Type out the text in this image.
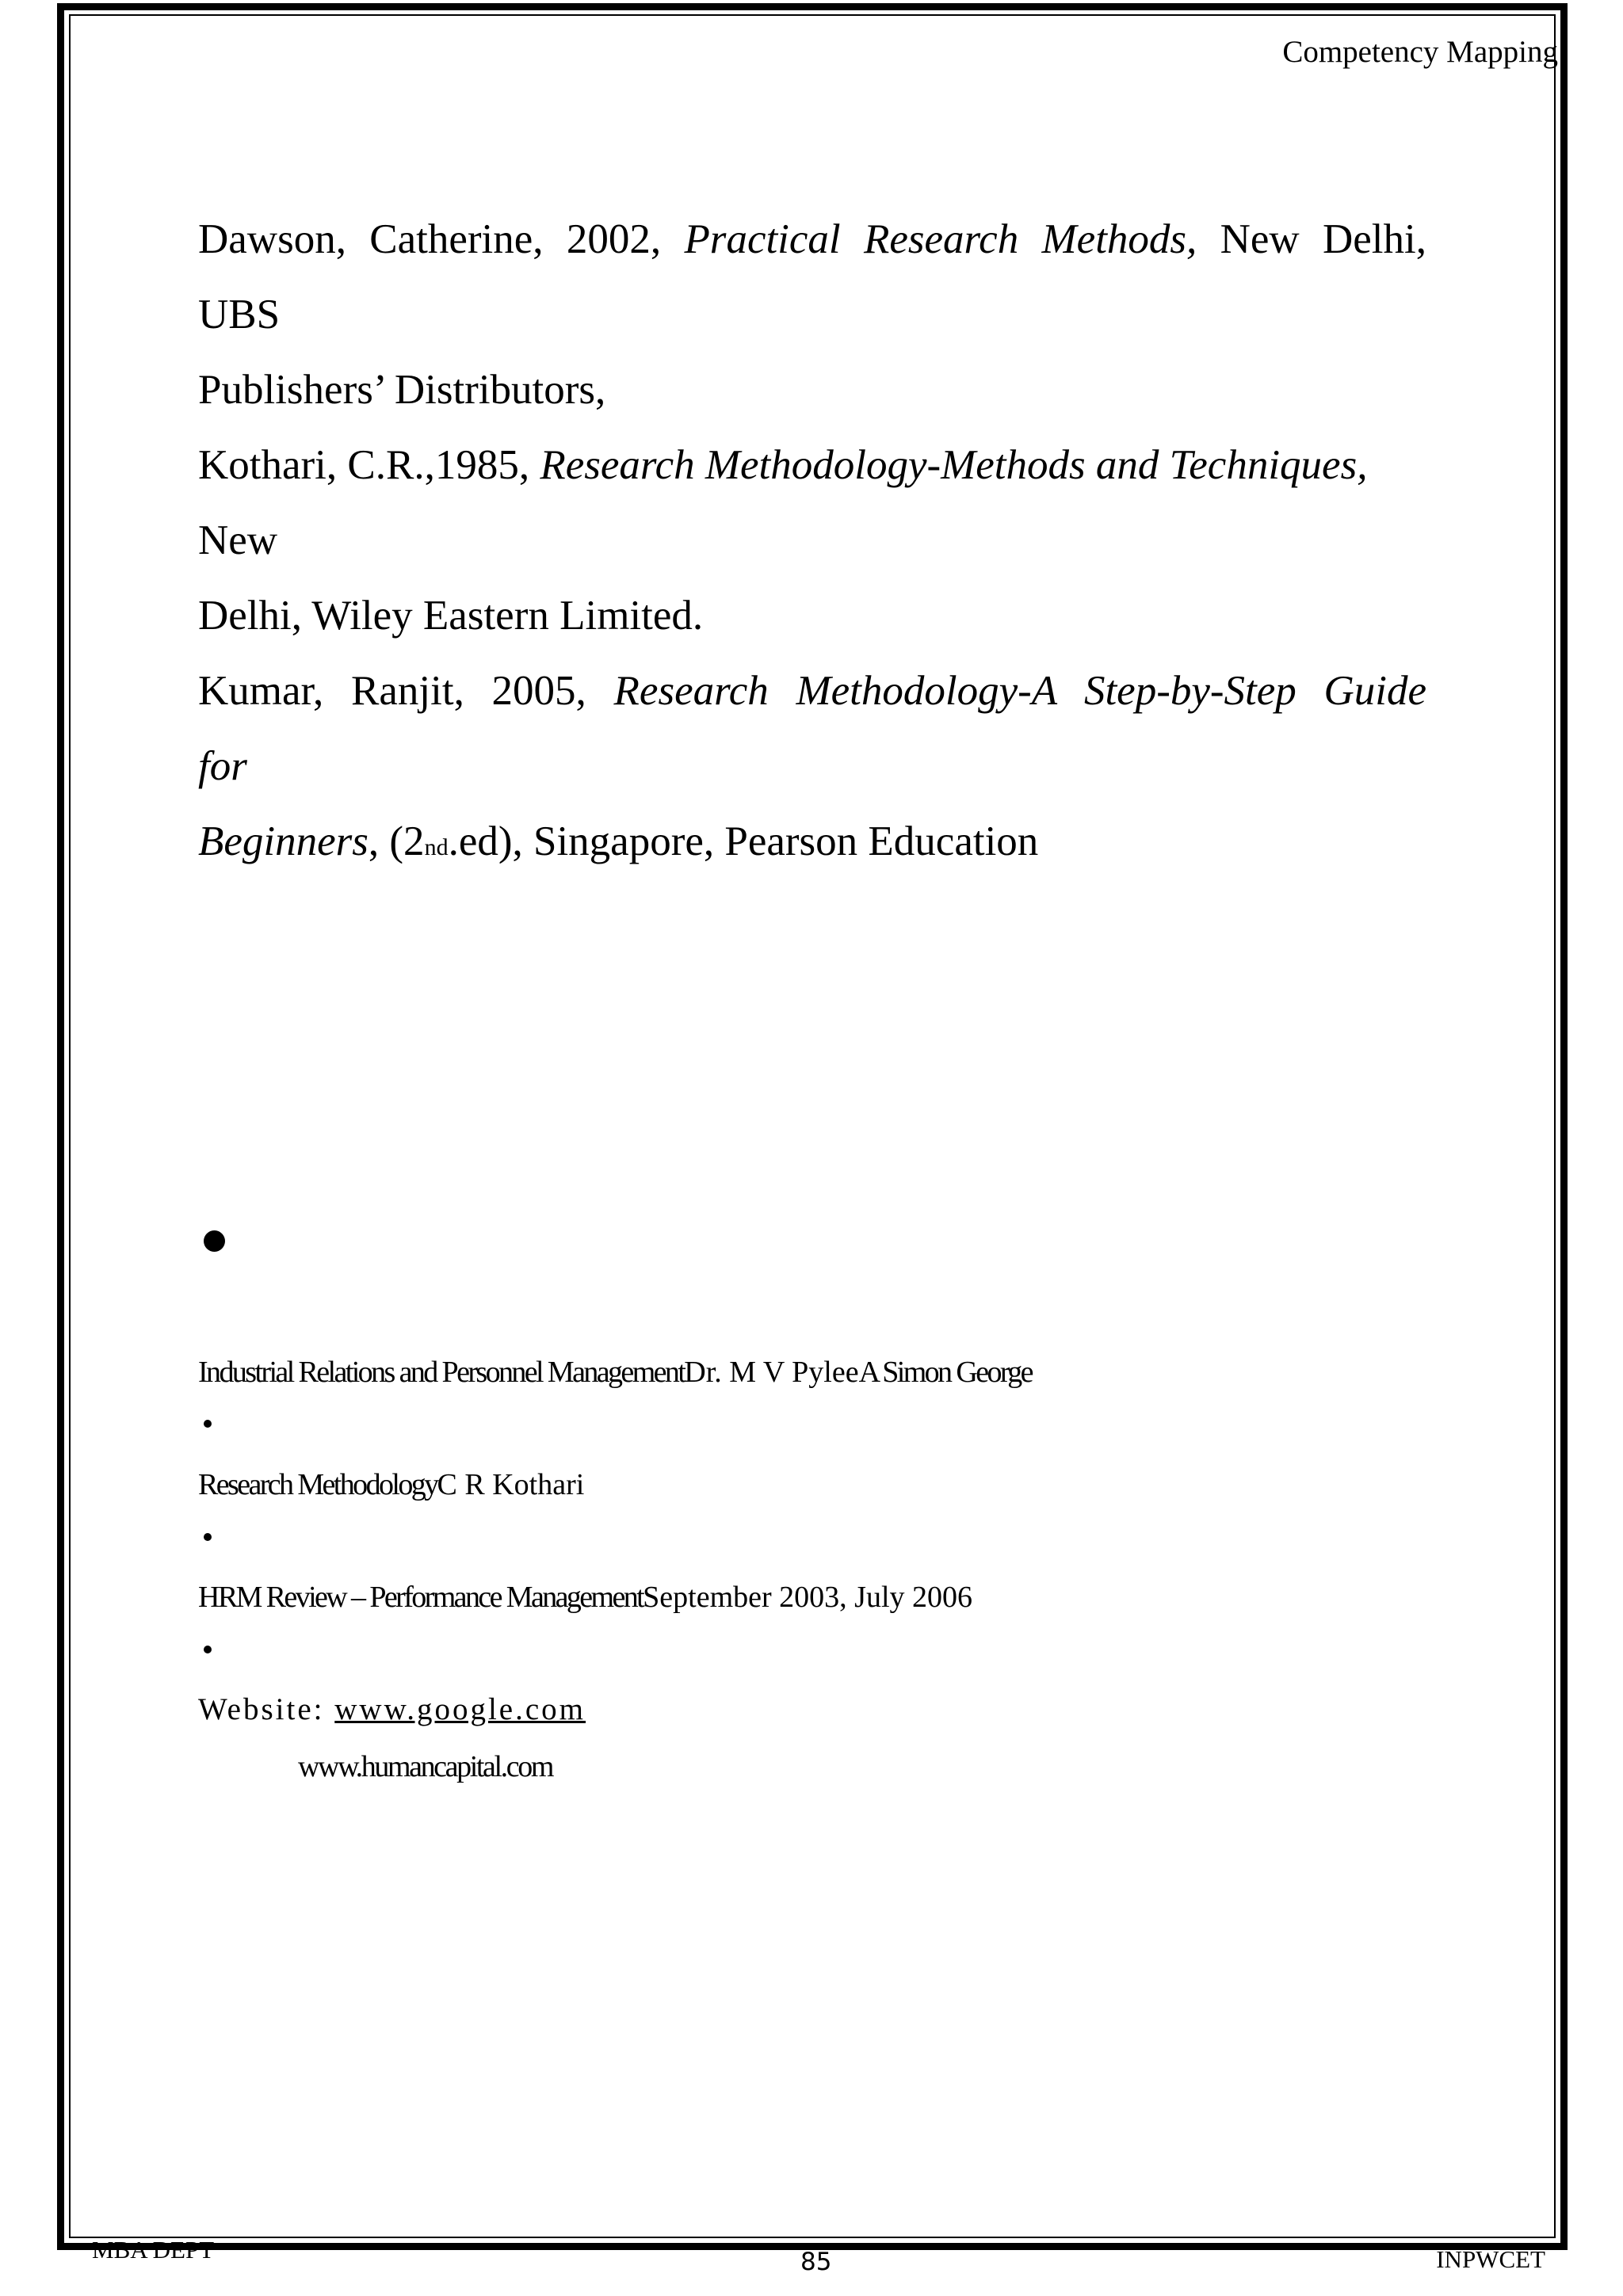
Competency Mapping
Dawson, Catherine, 2002, Practical Research Methods, New Delhi,
UBS
Publishers’ Distributors,
Kothari, C.R.,1985, Research Methodology-Methods and Techniques,
New
Delhi, Wiley Eastern Limited.
Kumar, Ranjit, 2005, Research Methodology-A Step-by-Step Guide
for
Beginners, (2nd.ed), Singapore, Pearson Education
Industrial Relations and Personnel ManagementDr. M V PyleeA Simon George
Research MethodologyC R Kothari
HRM Review – Performance ManagementSeptember 2003, July 2006
Website: www.google.com
www.humancapital.com
MBA DEPT	85	INPWCET
